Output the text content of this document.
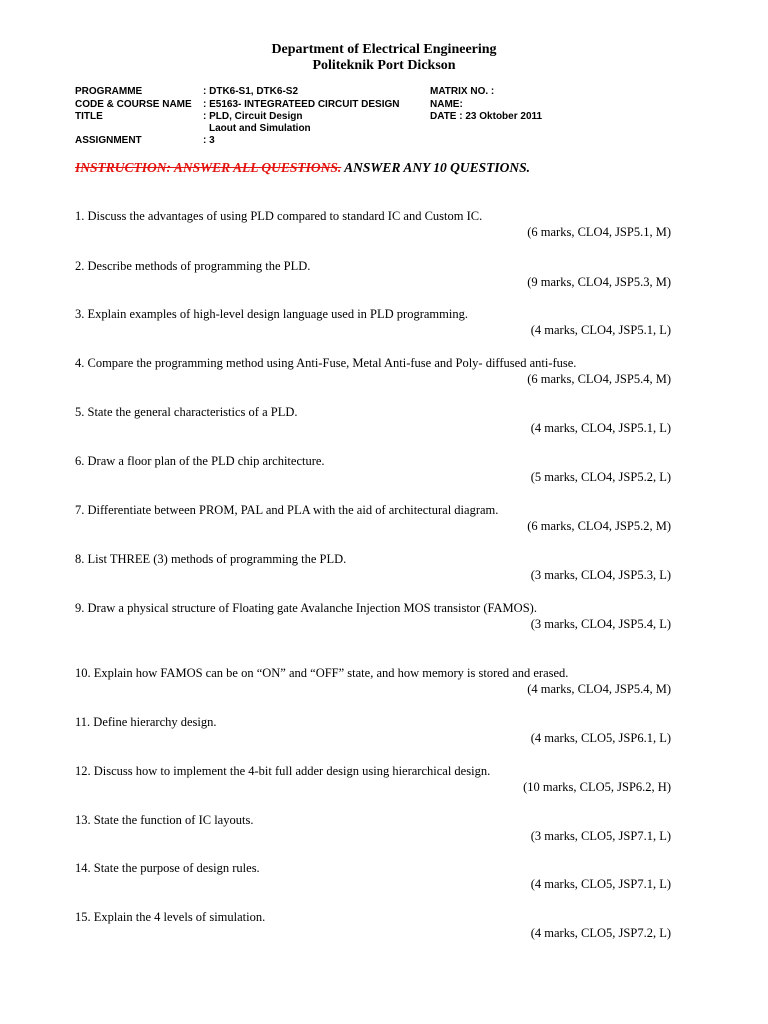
Department of Electrical Engineering
Politeknik Port Dickson
PROGRAMME	: DTK6-S1, DTK6-S2	MATRIX NO. :
CODE & COURSE NAME : E5163- INTEGRATEED CIRCUIT DESIGN	NAME:
TITLE	: PLD, Circuit Design	DATE : 23 Oktober 2011
Laout and Simulation
ASSIGNMENT	: 3
INSTRUCTION: ANSWER ALL QUESTIONS. ANSWER ANY 10 QUESTIONS.
1. Discuss the advantages of using PLD compared to standard IC and Custom IC.
(6 marks, CLO4, JSP5.1, M)
2. Describe methods of programming the PLD.
(9 marks, CLO4, JSP5.3, M)
3. Explain examples of high-level design language used in PLD programming.
(4 marks, CLO4, JSP5.1, L)
4. Compare the programming method using Anti-Fuse, Metal Anti-fuse and Poly- diffused anti-fuse.
(6 marks, CLO4, JSP5.4, M)
5. State the general characteristics of a PLD.
(4 marks, CLO4, JSP5.1, L)
6. Draw a floor plan of the PLD chip architecture.
(5 marks, CLO4, JSP5.2, L)
7. Differentiate between PROM, PAL and PLA with the aid of architectural diagram.
(6 marks, CLO4, JSP5.2, M)
8. List THREE (3) methods of programming the PLD.
(3 marks, CLO4, JSP5.3, L)
9. Draw a physical structure of Floating gate Avalanche Injection MOS transistor (FAMOS).
(3 marks, CLO4, JSP5.4, L)
10. Explain how FAMOS can be on “ON” and “OFF” state, and how memory is stored and erased.
(4 marks, CLO4, JSP5.4, M)
11. Define hierarchy design.
(4 marks, CLO5, JSP6.1, L)
12. Discuss how to implement the 4-bit full adder design using hierarchical design.
(10 marks, CLO5, JSP6.2, H)
13. State the function of IC layouts.
(3 marks, CLO5, JSP7.1, L)
14. State the purpose of design rules.
(4 marks, CLO5, JSP7.1, L)
15. Explain the 4 levels of simulation.
(4 marks, CLO5, JSP7.2, L)
